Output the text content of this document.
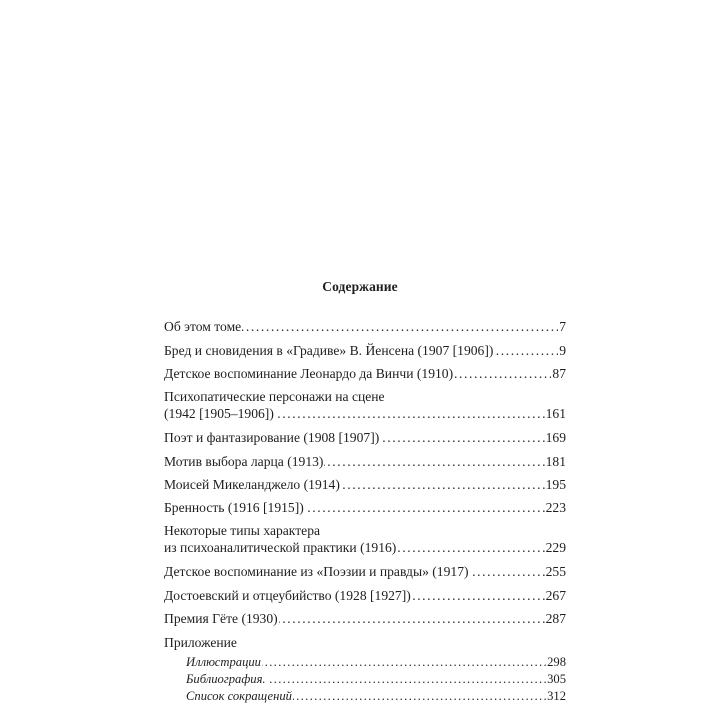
Содержание
Об этом томе . . .	7
Бред и сновидения в «Градиве» В. Йенсена (1907 [1906]) . . .	9
Детское воспоминание Леонардо да Винчи (1910) . . .	87
Психопатические персонажи на сцене
(1942 [1905–1906]) . . .	161
Поэт и фантазирование (1908 [1907]) . . .	169
Мотив выбора ларца (1913) . . .	181
Моисей Микеланджело (1914) . . .	195
Бренность (1916 [1915]) . . .	223
Некоторые типы характера
из психоаналитической практики (1916) . . .	229
Детское воспоминание из «Поэзии и правды» (1917) . . .	255
Достоевский и отцеубийство (1928 [1927]) . . .	267
Премия Гёте (1930) . . .	287
Приложение
Иллюстрации . . .	298
Библиография. . . .	305
Список сокращений . . .	312
